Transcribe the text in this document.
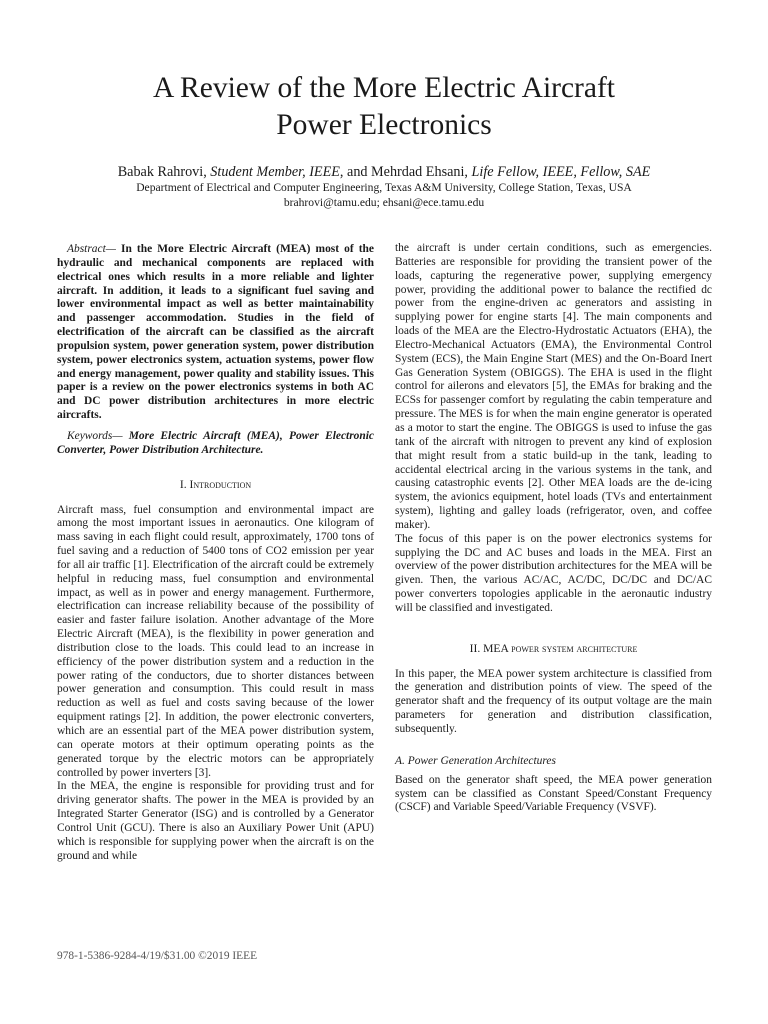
A Review of the More Electric Aircraft
Power Electronics
Babak Rahrovi, Student Member, IEEE, and Mehrdad Ehsani, Life Fellow, IEEE, Fellow, SAE
Department of Electrical and Computer Engineering, Texas A&M University, College Station, Texas, USA
brahrovi@tamu.edu; ehsani@ece.tamu.edu

Abstract— In the More Electric Aircraft (MEA) most of the hydraulic and mechanical components are replaced with electrical ones which results in a more reliable and lighter aircraft. In addition, it leads to a significant fuel saving and lower environmental impact as well as better maintainability and passenger accommodation. Studies in the field of electrification of the aircraft can be classified as the aircraft propulsion system, power generation system, power distribution system, power electronics system, actuation systems, power flow and energy management, power quality and stability issues. This paper is a review on the power electronics systems in both AC and DC power distribution architectures in more electric aircrafts.

Keywords— More Electric Aircraft (MEA), Power Electronic Converter, Power Distribution Architecture.

I. Introduction

Aircraft mass, fuel consumption and environmental impact are among the most important issues in aeronautics. One kilogram of mass saving in each flight could result, approximately, 1700 tons of fuel saving and a reduction of 5400 tons of CO2 emission per year for all air traffic [1]. Electrification of the aircraft could be extremely helpful in reducing mass, fuel consumption and environmental impact, as well as in power and energy management. Furthermore, electrification can increase reliability because of the possibility of easier and faster failure isolation. Another advantage of the More Electric Aircraft (MEA), is the flexibility in power generation and distribution close to the loads. This could lead to an increase in efficiency of the power distribution system and a reduction in the power rating of the conductors, due to shorter distances between power generation and consumption. This could result in mass reduction as well as fuel and costs saving because of the lower equipment ratings [2]. In addition, the power electronic converters, which are an essential part of the MEA power distribution system, can operate motors at their optimum operating points as the generated torque by the electric motors can be appropriately controlled by power inverters [3].

In the MEA, the engine is responsible for providing trust and for driving generator shafts. The power in the MEA is provided by an Integrated Starter Generator (ISG) and is controlled by a Generator Control Unit (GCU). There is also an Auxiliary Power Unit (APU) which is responsible for supplying power when the aircraft is on the ground and while

the aircraft is under certain conditions, such as emergencies. Batteries are responsible for providing the transient power of the loads, capturing the regenerative power, supplying emergency power, providing the additional power to balance the rectified dc power from the engine-driven ac generators and assisting in supplying power for engine starts [4]. The main components and loads of the MEA are the Electro-Hydrostatic Actuators (EHA), the Electro-Mechanical Actuators (EMA), the Environmental Control System (ECS), the Main Engine Start (MES) and the On-Board Inert Gas Generation System (OBIGGS). The EHA is used in the flight control for ailerons and elevators [5], the EMAs for braking and the ECSs for passenger comfort by regulating the cabin temperature and pressure. The MES is for when the main engine generator is operated as a motor to start the engine. The OBIGGS is used to infuse the gas tank of the aircraft with nitrogen to prevent any kind of explosion that might result from a static build-up in the tank, leading to accidental electrical arcing in the various systems in the tank, and causing catastrophic events [2]. Other MEA loads are the de-icing system, the avionics equipment, hotel loads (TVs and entertainment system), lighting and galley loads (refrigerator, oven, and coffee maker).

The focus of this paper is on the power electronics systems for supplying the DC and AC buses and loads in the MEA. First an overview of the power distribution architectures for the MEA will be given. Then, the various AC/AC, AC/DC, DC/DC and DC/AC power converters topologies applicable in the aeronautic industry will be classified and investigated.

II. MEA power system architecture

In this paper, the MEA power system architecture is classified from the generation and distribution points of view. The speed of the generator shaft and the frequency of its output voltage are the main parameters for generation and distribution classification, subsequently.

A. Power Generation Architectures

Based on the generator shaft speed, the MEA power generation system can be classified as Constant Speed/Constant Frequency (CSCF) and Variable Speed/Variable Frequency (VSVF).

978-1-5386-9284-4/19/$31.00 ©2019 IEEE
